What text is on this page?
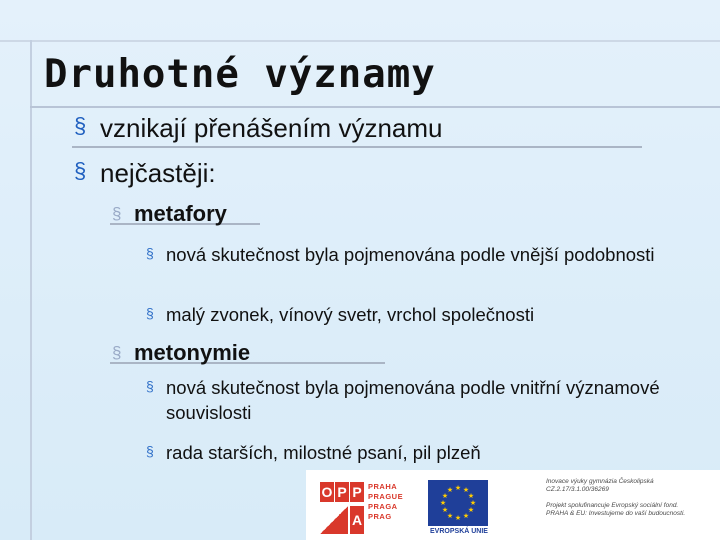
Druhotné významy
§ vznikají přenášením významu
§ nejčastěji:
§ metafory
§ nová skutečnost byla pojmenována podle vnější podobnosti
§ malý zvonek, vínový svetr, vrchol společnosti
§ metonymie
§ nová skutečnost byla pojmenována podle vnitřní významové souvislosti
§ rada starších, milostné psaní, pil plzeň
O P P
A
PRAHA
PRAGUE
PRAGA
PRAG
★ ★
★
★
★
★
★
★
★
★
★
★
EVROPSKÁ UNIE
Inovace výuky gymnázia Českolipská
CZ.2.17/3.1.00/36269
Projekt spolufinancuje Evropský sociální fond.
PRAHA & EU: Investujeme do vaší budoucnosti.
